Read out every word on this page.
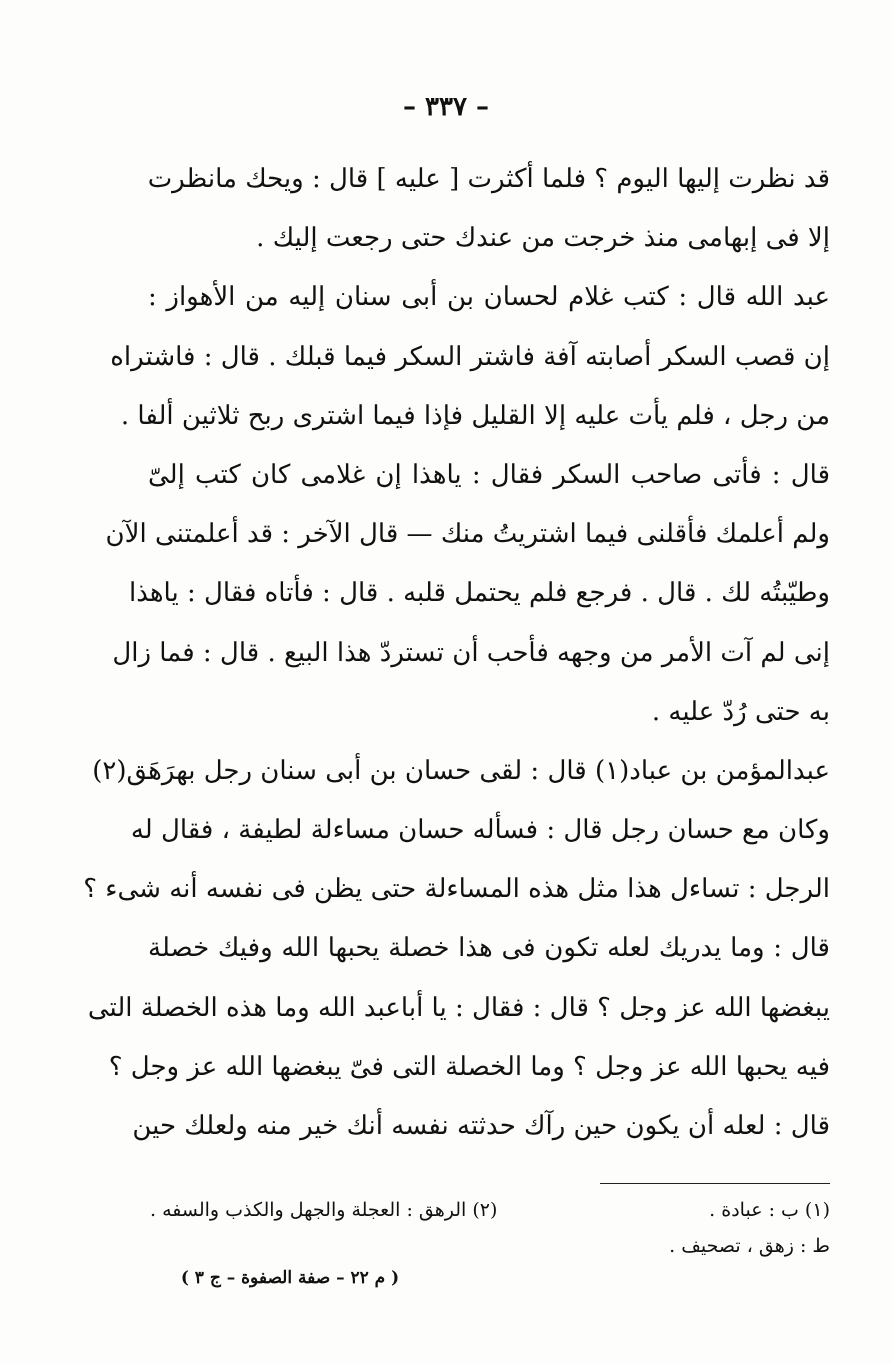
– ٣٣٧ –
قد نظرت إليها اليوم ؟ فلما أكثرت [ عليه ] قال : ويحك مانظرت
إلا فى إبهامى منذ خرجت من عندك حتى رجعت إليك .
عبد الله قال : كتب غلام لحسان بن أبى سنان إليه من الأهواز :
إن قصب السكر أصابته آفة فاشتر السكر فيما قبلك . قال : فاشتراه
من رجل ، فلم يأت عليه إلا القليل فإذا فيما اشترى ربح ثلاثين ألفا .
قال : فأتى صاحب السكر فقال : ياهذا إن غلامى كان كتب إلىّ
ولم أعلمك فأقلنى فيما اشتريتُ منك — قال الآخر : قد أعلمتنى الآن
وطيّبتُه لك . قال . فرجع فلم يحتمل قلبه . قال : فأتاه فقال : ياهذا
إنى لم آت الأمر من وجهه فأحب أن تستردّ هذا البيع . قال : فما زال
به حتى رُدّ عليه .
عبدالمؤمن بن عباد(١) قال : لقى حسان بن أبى سنان رجل بهرَهَق(٢)
وكان مع حسان رجل قال : فسأله حسان مساءلة لطيفة ، فقال له
الرجل : تساءل هذا مثل هذه المساءلة حتى يظن فى نفسه أنه شىء ؟
قال : وما يدريك لعله تكون فى هذا خصلة يحبها الله وفيك خصلة
يبغضها الله عز وجل ؟ قال : فقال : يا أباعبد الله وما هذه الخصلة التى
فيه يحبها الله عز وجل ؟ وما الخصلة التى فىّ يبغضها الله عز وجل ؟
قال : لعله أن يكون حين رآك حدثته نفسه أنك خير منه ولعلك حين
(١) ب : عبادة .
(٢) الرهق : العجلة والجهل والكذب والسفه .
ط : زهق ، تصحيف .
( م ٢٢ – صفة الصفوة – ج ٣ )
